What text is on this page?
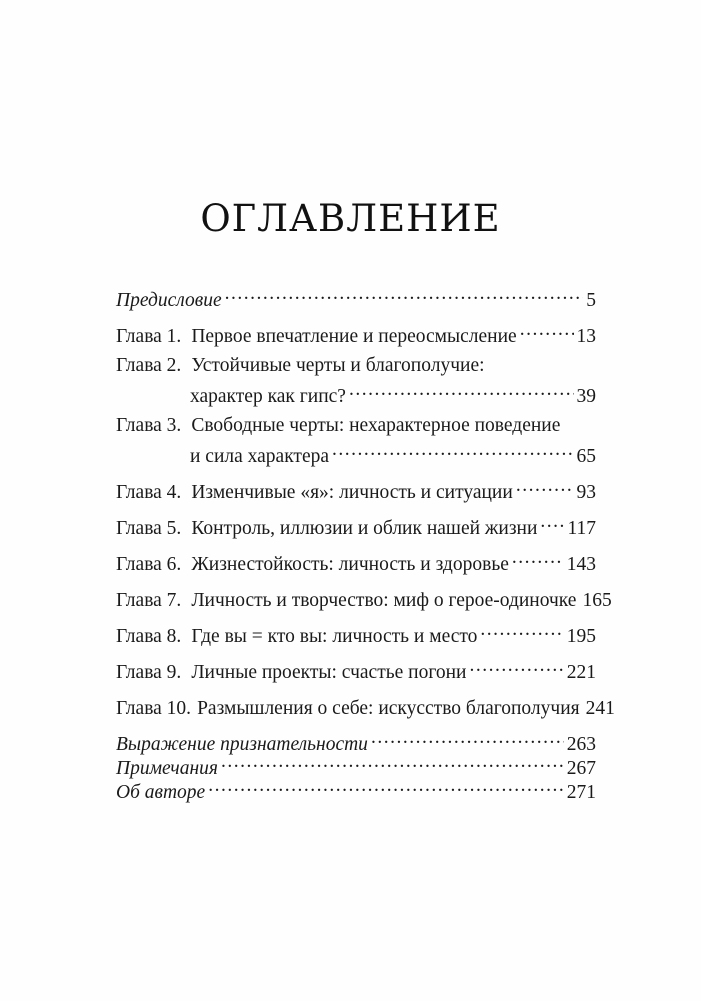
ОГЛАВЛЕНИЕ
Предисловие .....	5
Глава 1. Первое впечатление и переосмысление .....	13
Глава 2. Устойчивые черты и благополучие:
характер как гипс? .....	39
Глава 3. Свободные черты: нехарактерное поведение
и сила характера .....	65
Глава 4. Изменчивые «я»: личность и ситуации .....	93
Глава 5. Контроль, иллюзии и облик нашей жизни ..... 117
Глава 6. Жизнестойкость: личность и здоровье .....	143
Глава 7. Личность и творчество: миф о герое-одиночке 165
Глава 8. Где вы = кто вы: личность и место .....	195
Глава 9. Личные проекты: счастье погони .....	221
Глава 10. Размышления о себе: искусство благополучия 241
Выражение признательности .....	263
Примечания .....	267
Об авторе .....	271
